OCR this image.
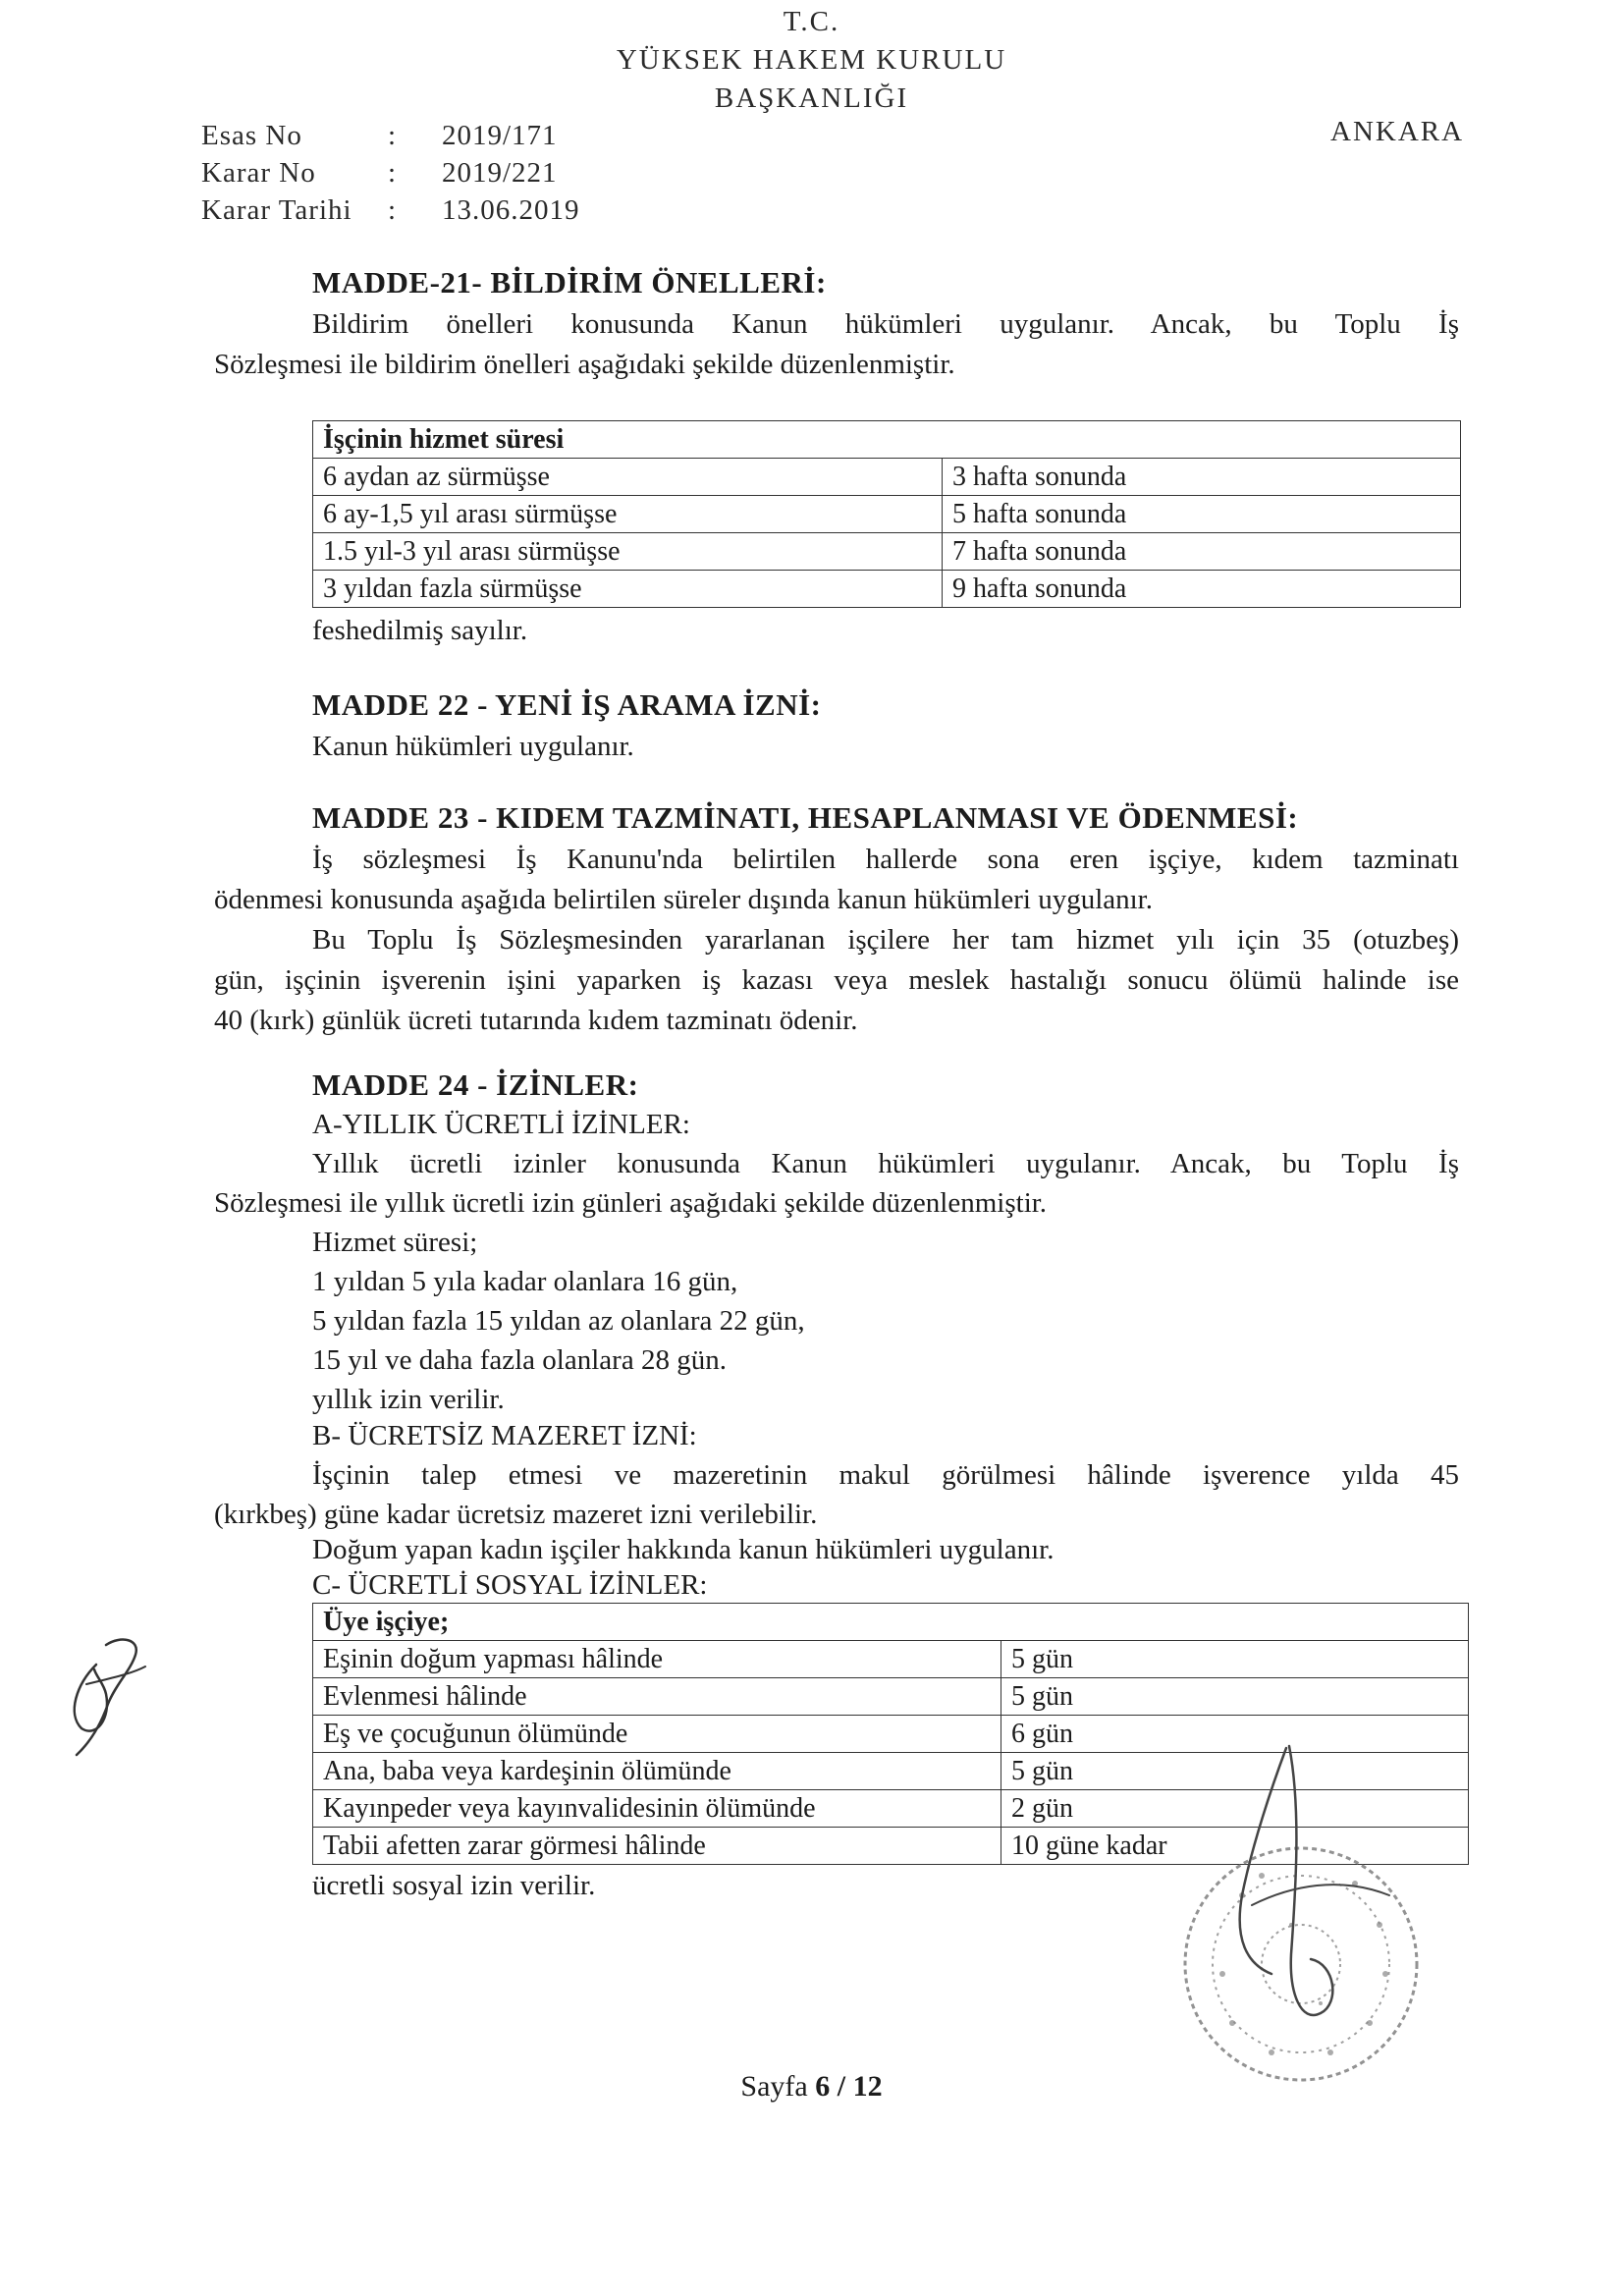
T.C.
YÜKSEK HAKEM KURULU
BAŞKANLIĞI
ANKARA
Esas No	: 2019/171
Karar No	: 2019/221
Karar Tarihi : 13.06.2019
MADDE-21- BİLDİRİM ÖNELLERİ:
Bildirim önelleri konusunda Kanun hükümleri uygulanır. Ancak, bu Toplu İş
Sözleşmesi ile bildirim önelleri aşağıdaki şekilde düzenlenmiştir.
İşçinin hizmet süresi	
6 aydan az sürmüşse	3 hafta sonunda
6 ay-1,5 yıl arası sürmüşse	5 hafta sonunda
1.5 yıl-3 yıl arası sürmüşse	7 hafta sonunda
3 yıldan fazla sürmüşse	9 hafta sonunda
feshedilmiş sayılır.
MADDE 22 - YENİ İŞ ARAMA İZNİ:
Kanun hükümleri uygulanır.
MADDE 23 - KIDEM TAZMİNATI, HESAPLANMASI VE ÖDENMESİ:
İş sözleşmesi İş Kanunu'nda belirtilen hallerde sona eren işçiye, kıdem tazminatı
ödenmesi konusunda aşağıda belirtilen süreler dışında kanun hükümleri uygulanır.
Bu Toplu İş Sözleşmesinden yararlanan işçilere her tam hizmet yılı için 35 (otuzbeş)
gün, işçinin işverenin işini yaparken iş kazası veya meslek hastalığı sonucu ölümü halinde ise
40 (kırk) günlük ücreti tutarında kıdem tazminatı ödenir.
MADDE 24 - İZİNLER:
A-YILLIK ÜCRETLİ İZİNLER:
Yıllık ücretli izinler konusunda Kanun hükümleri uygulanır. Ancak, bu Toplu İş
Sözleşmesi ile yıllık ücretli izin günleri aşağıdaki şekilde düzenlenmiştir.
Hizmet süresi;
1 yıldan 5 yıla kadar olanlara 16 gün,
5 yıldan fazla 15 yıldan az olanlara 22 gün,
15 yıl ve daha fazla olanlara 28 gün.
yıllık izin verilir.
B- ÜCRETSİZ MAZERET İZNİ:
İşçinin talep etmesi ve mazeretinin makul görülmesi hâlinde işverence yılda 45
(kırkbeş) güne kadar ücretsiz mazeret izni verilebilir.
Doğum yapan kadın işçiler hakkında kanun hükümleri uygulanır.
C- ÜCRETLİ SOSYAL İZİNLER:
Üye işçiye;	
Eşinin doğum yapması hâlinde	5 gün
Evlenmesi hâlinde	5 gün
Eş ve çocuğunun ölümünde	6 gün
Ana, baba veya kardeşinin ölümünde	5 gün
Kayınpeder veya kayınvalidesinin ölümünde	2 gün
Tabii afetten zarar görmesi hâlinde	10 güne kadar
ücretli sosyal izin verilir.
Sayfa 6 / 12
